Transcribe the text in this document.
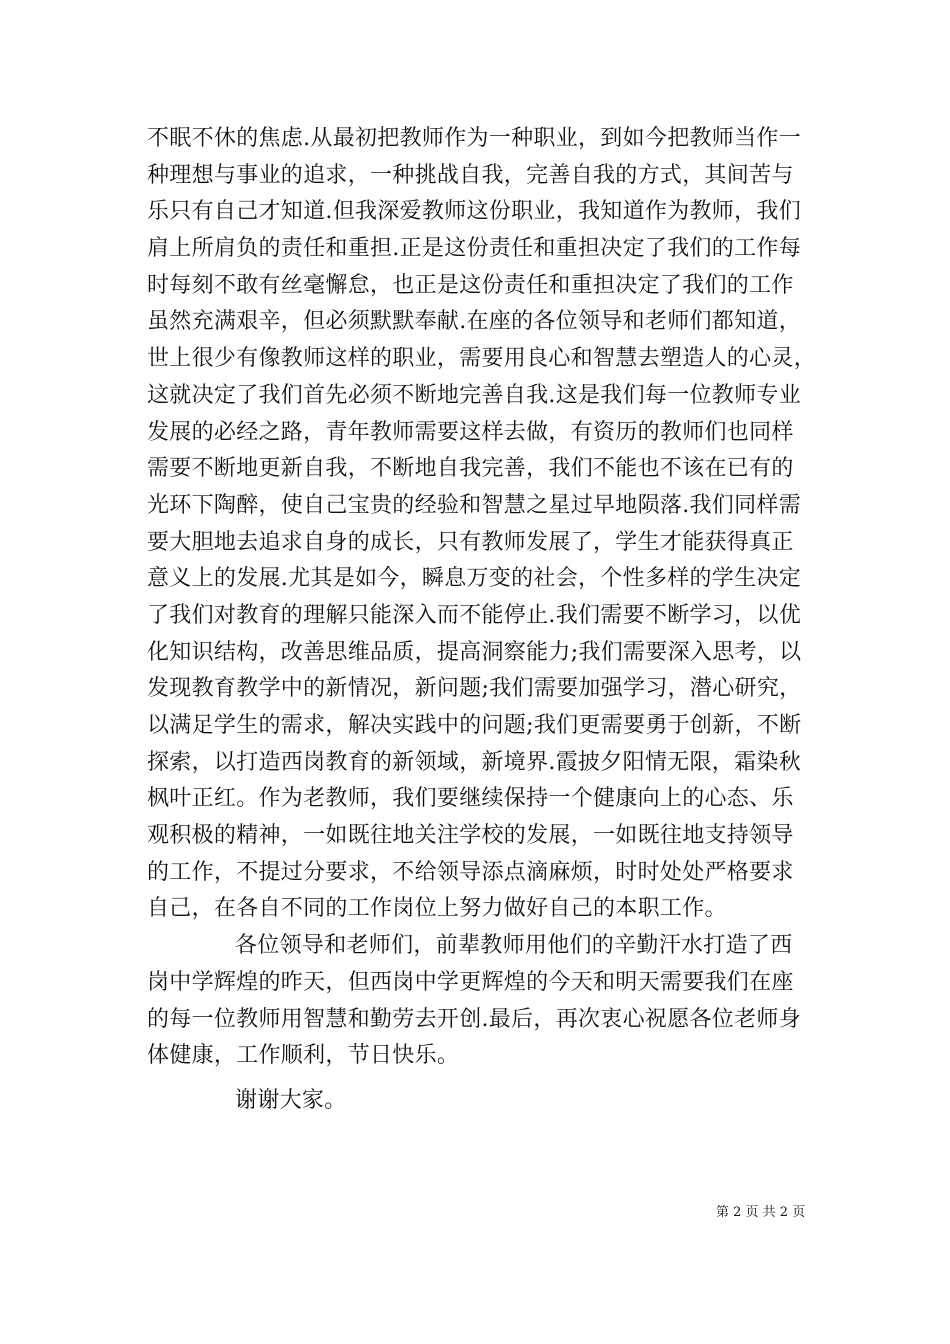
不眠不休的焦虑.从最初把教师作为一种职业，到如今把教师当作一
种理想与事业的追求，一种挑战自我，完善自我的方式，其间苦与
乐只有自己才知道.但我深爱教师这份职业，我知道作为教师，我们
肩上所肩负的责任和重担.正是这份责任和重担决定了我们的工作每
时每刻不敢有丝毫懈怠，也正是这份责任和重担决定了我们的工作
虽然充满艰辛，但必须默默奉献.在座的各位领导和老师们都知道，
世上很少有像教师这样的职业，需要用良心和智慧去塑造人的心灵，
这就决定了我们首先必须不断地完善自我.这是我们每一位教师专业
发展的必经之路，青年教师需要这样去做，有资历的教师们也同样
需要不断地更新自我，不断地自我完善，我们不能也不该在已有的
光环下陶醉，使自己宝贵的经验和智慧之星过早地陨落.我们同样需
要大胆地去追求自身的成长，只有教师发展了，学生才能获得真正
意义上的发展.尤其是如今，瞬息万变的社会，个性多样的学生决定
了我们对教育的理解只能深入而不能停止.我们需要不断学习，以优
化知识结构，改善思维品质，提高洞察能力;我们需要深入思考，以
发现教育教学中的新情况，新问题;我们需要加强学习，潜心研究，
以满足学生的需求，解决实践中的问题;我们更需要勇于创新，不断
探索，以打造西岗教育的新领域，新境界.霞披夕阳情无限，霜染秋
枫叶正红。作为老教师，我们要继续保持一个健康向上的心态、乐
观积极的精神，一如既往地关注学校的发展，一如既往地支持领导
的工作，不提过分要求，不给领导添点滴麻烦，时时处处严格要求
自己，在各自不同的工作岗位上努力做好自己的本职工作。
各位领导和老师们，前辈教师用他们的辛勤汗水打造了西
岗中学辉煌的昨天，但西岗中学更辉煌的今天和明天需要我们在座
的每一位教师用智慧和勤劳去开创.最后，再次衷心祝愿各位老师身
体健康，工作顺利，节日快乐。
谢谢大家。
第 2 页 共 2 页
